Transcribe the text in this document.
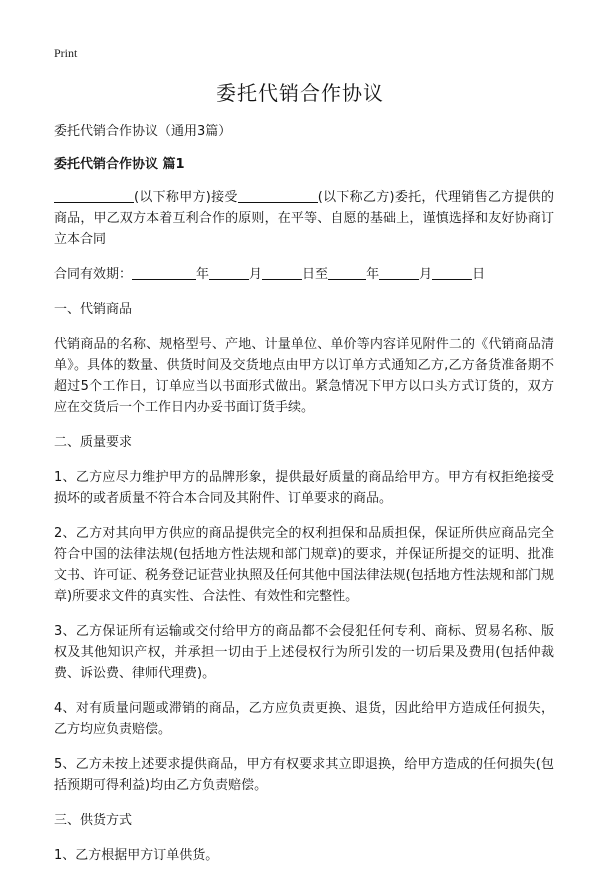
Print
委托代销合作协议

委托代销合作协议（通用3篇）

委托代销合作协议 篇1

(以下称甲方)接受	(以下称乙方)委托，代理销售乙方提供的商品，甲乙双方本着互利合作的原则，在平等、自愿的基础上，谨慎选择和友好协商订立本合同

合同有效期：	年	月	日至	年	月	日

一、代销商品

代销商品的名称、规格型号、产地、计量单位、单价等内容详见附件二的《代销商品清单》。具体的数量、供货时间及交货地点由甲方以订单方式通知乙方,乙方备货准备期不超过5个工作日，订单应当以书面形式做出。紧急情况下甲方以口头方式订货的，双方应在交货后一个工作日内办妥书面订货手续。

二、质量要求

1、乙方应尽力维护甲方的品牌形象，提供最好质量的商品给甲方。甲方有权拒绝接受损坏的或者质量不符合本合同及其附件、订单要求的商品。

2、乙方对其向甲方供应的商品提供完全的权利担保和品质担保，保证所供应商品完全符合中国的法律法规(包括地方性法规和部门规章)的要求，并保证所提交的证明、批准文书、许可证、税务登记证营业执照及任何其他中国法律法规(包括地方性法规和部门规章)所要求文件的真实性、合法性、有效性和完整性。

3、乙方保证所有运输或交付给甲方的商品都不会侵犯任何专利、商标、贸易名称、版权及其他知识产权，并承担一切由于上述侵权行为所引发的一切后果及费用(包括仲裁费、诉讼费、律师代理费)。

4、对有质量问题或滞销的商品，乙方应负责更换、退货，因此给甲方造成任何损失，乙方均应负责赔偿。

5、乙方未按上述要求提供商品，甲方有权要求其立即退换，给甲方造成的任何损失(包括预期可得利益)均由乙方负责赔偿。

三、供货方式

1、乙方根据甲方订单供货。
